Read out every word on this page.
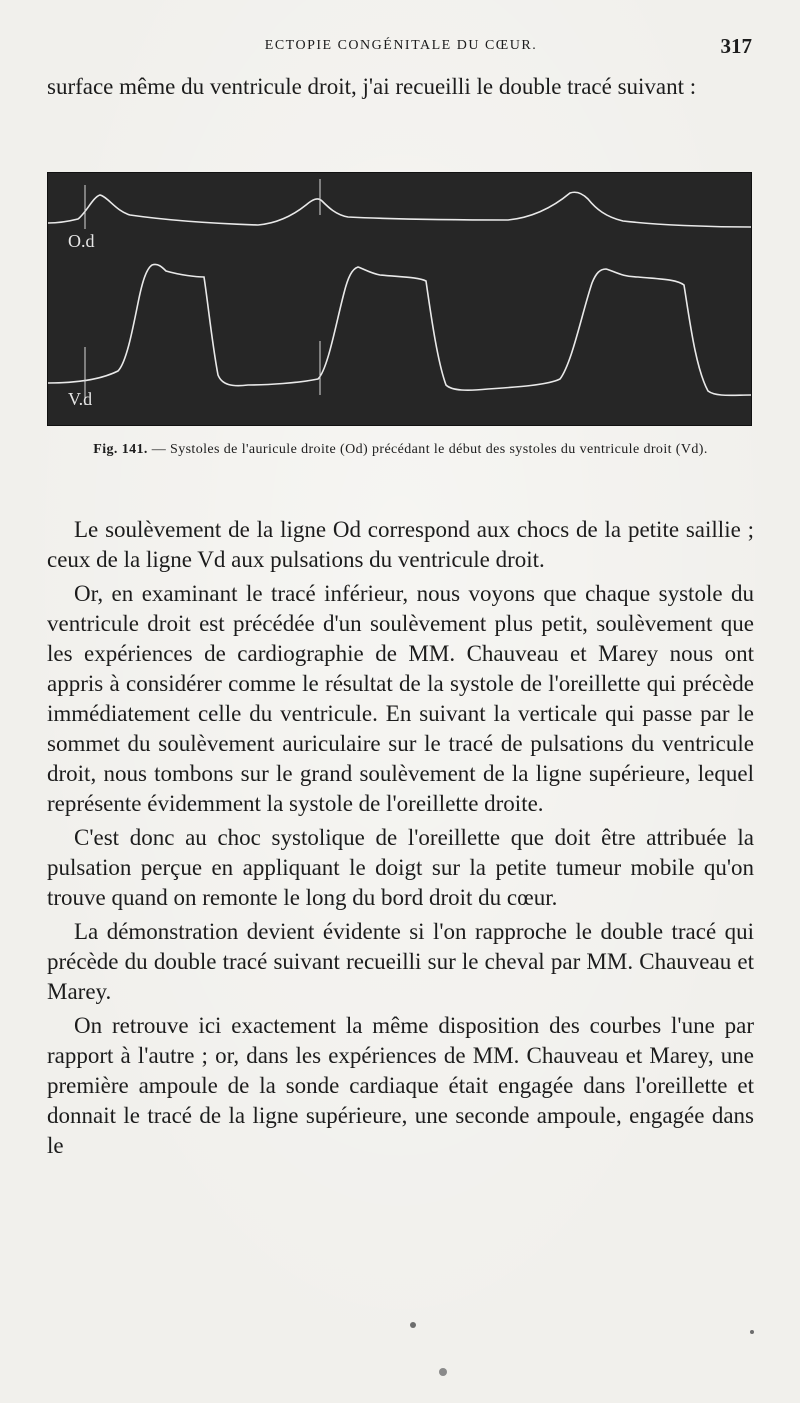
ECTOPIE CONGÉNITALE DU CŒUR.	317

surface même du ventricule droit, j'ai recueilli le double tracé suivant :

O.d
V.d
Fig. 141. — Systoles de l'auricule droite (Od) précédant le début des systoles du ventricule droit (Vd).

Le soulèvement de la ligne Od correspond aux chocs de la petite saillie ; ceux de la ligne Vd aux pulsations du ventricule droit.

Or, en examinant le tracé inférieur, nous voyons que chaque systole du ventricule droit est précédée d'un soulèvement plus petit, soulèvement que les expériences de cardiographie de MM. Chauveau et Marey nous ont appris à considérer comme le résultat de la systole de l'oreillette qui précède immédiatement celle du ventricule. En suivant la verticale qui passe par le sommet du soulèvement auriculaire sur le tracé de pulsations du ventricule droit, nous tombons sur le grand soulèvement de la ligne supérieure, lequel représente évidemment la systole de l'oreillette droite.

C'est donc au choc systolique de l'oreillette que doit être attribuée la pulsation perçue en appliquant le doigt sur la petite tumeur mobile qu'on trouve quand on remonte le long du bord droit du cœur.

La démonstration devient évidente si l'on rapproche le double tracé qui précède du double tracé suivant recueilli sur le cheval par MM. Chauveau et Marey.

On retrouve ici exactement la même disposition des courbes l'une par rapport à l'autre ; or, dans les expériences de MM. Chauveau et Marey, une première ampoule de la sonde cardiaque était engagée dans l'oreillette et donnait le tracé de la ligne supérieure, une seconde ampoule, engagée dans le
